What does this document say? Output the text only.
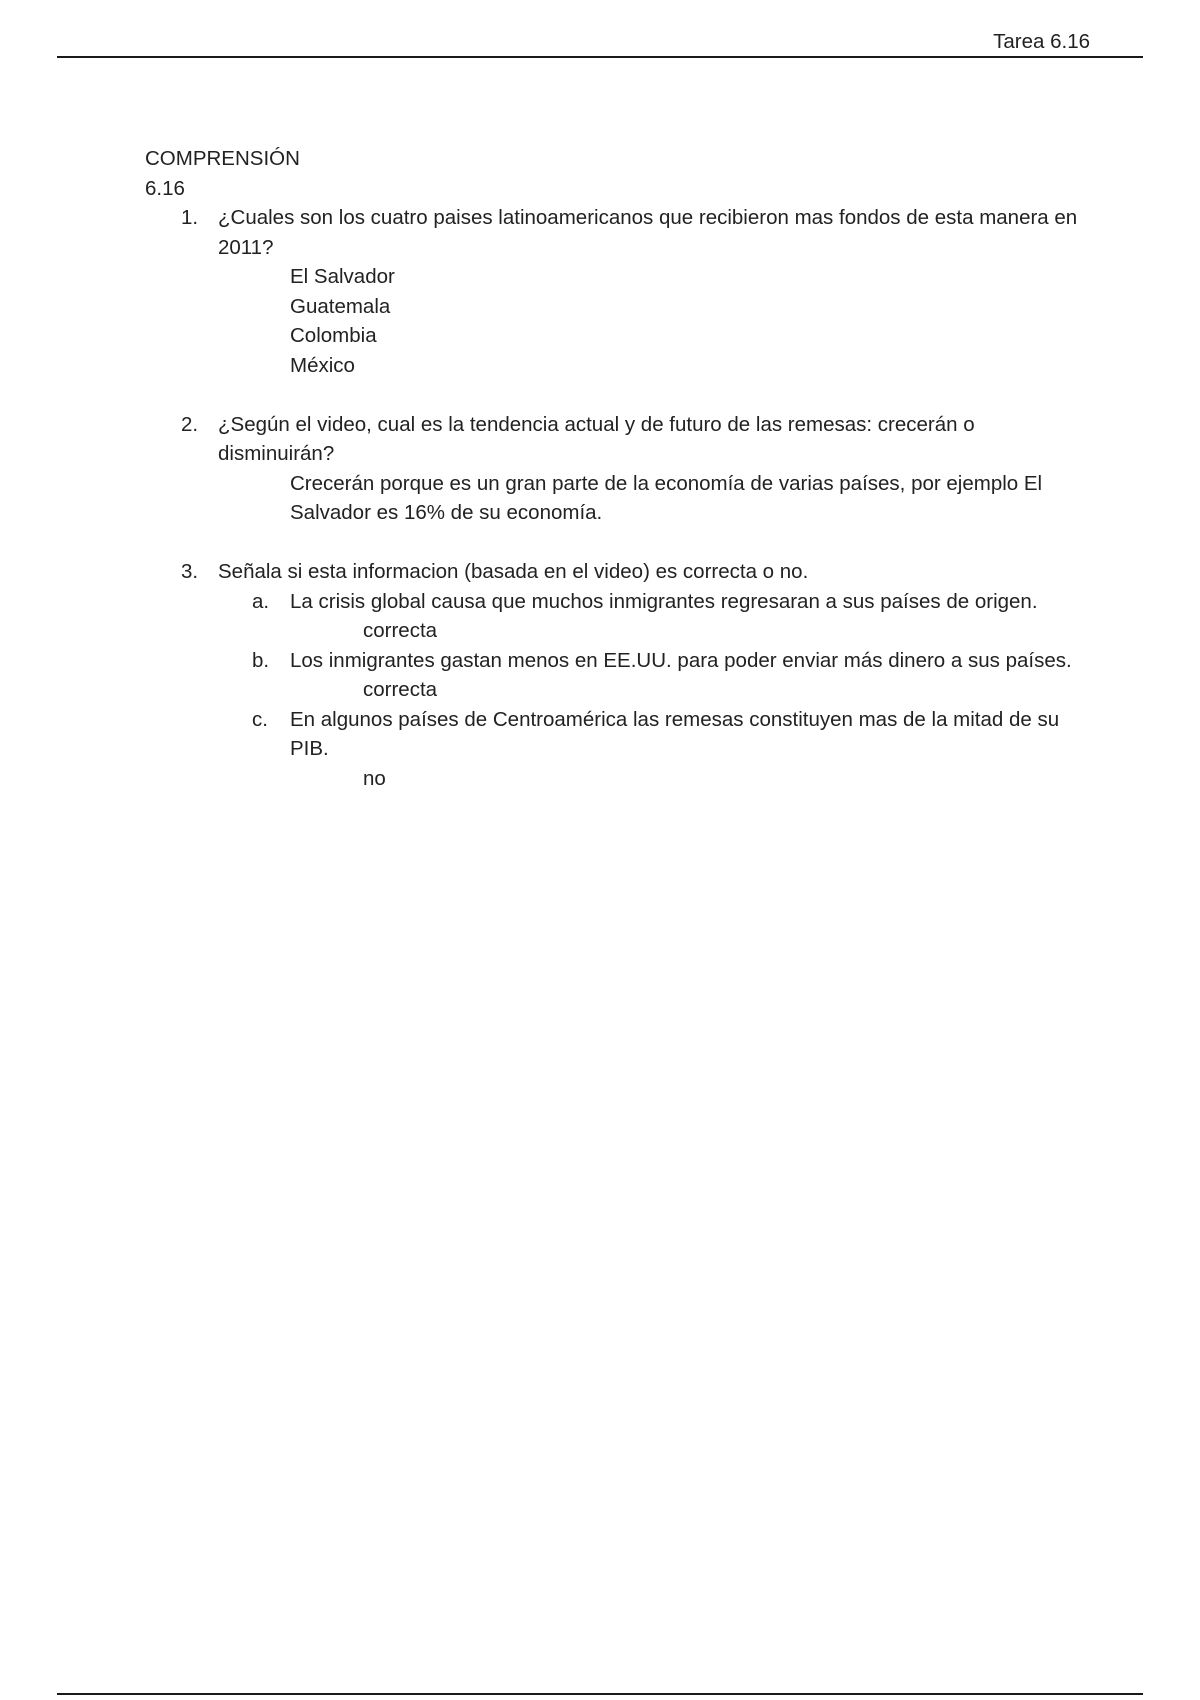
Tarea 6.16
COMPRENSIÓN
6.16
1. ¿Cuales son los cuatro paises latinoamericanos que recibieron mas fondos de esta manera en 2011?
El Salvador
Guatemala
Colombia
México
2. ¿Según el video, cual es la tendencia actual y de futuro de las remesas: crecerán o disminuirán?
Crecerán porque es un gran parte de la economía de varias países, por ejemplo El Salvador es 16% de su economía.
3. Señala si esta informacion (basada en el video) es correcta o no.
a. La crisis global causa que muchos inmigrantes regresaran a sus países de origen.
correcta
b. Los inmigrantes gastan menos en EE.UU. para poder enviar más dinero a sus países.
correcta
c. En algunos países de Centroamérica las remesas constituyen mas de la mitad de su PIB.
no
